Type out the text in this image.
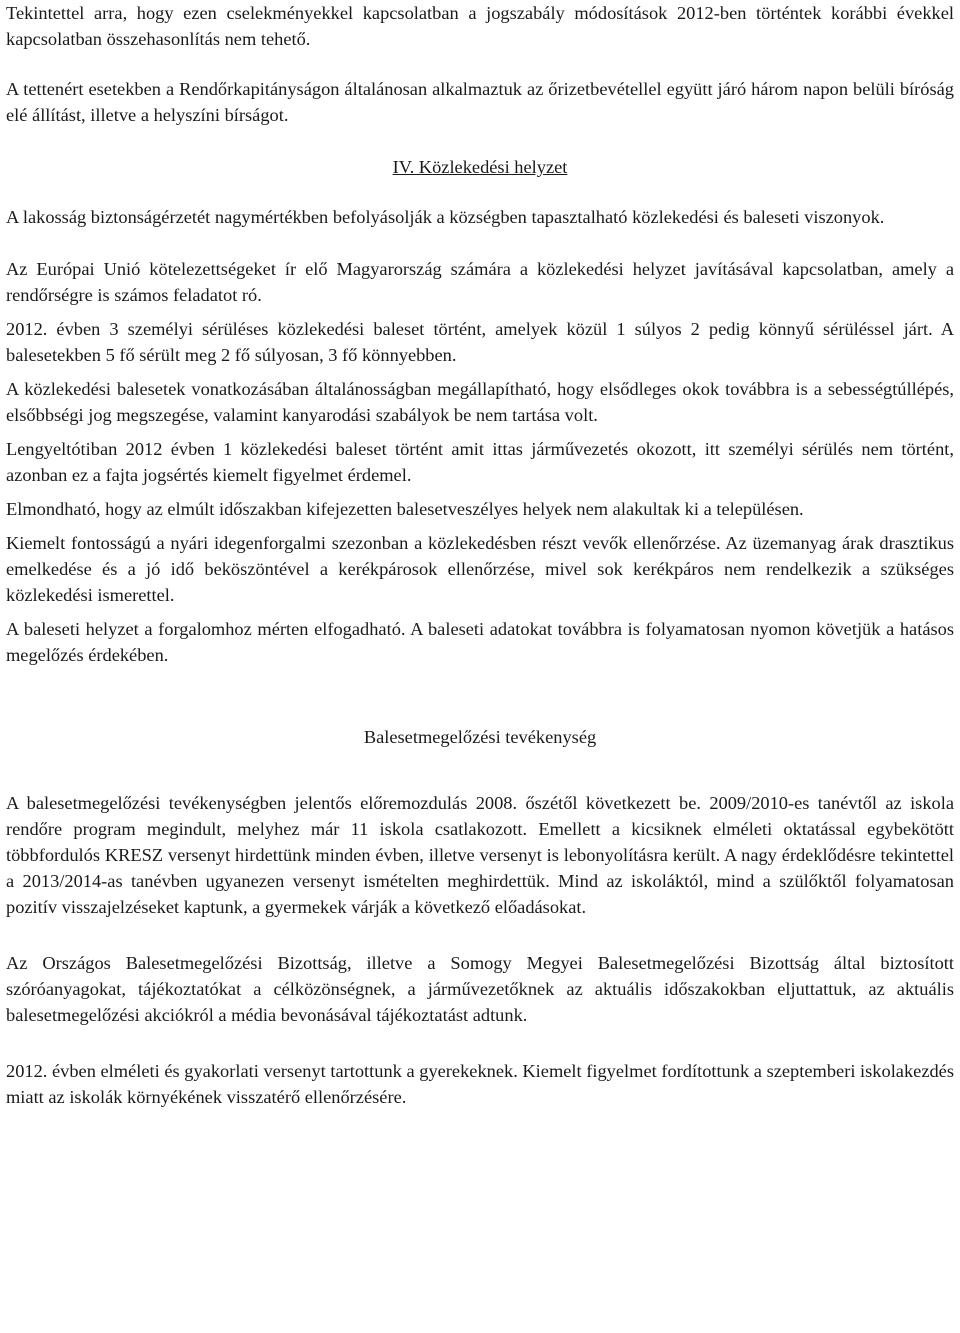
Tekintettel arra, hogy ezen cselekményekkel kapcsolatban a jogszabály módosítások 2012-ben történtek korábbi évekkel kapcsolatban összehasonlítás nem tehető.

A tettenért esetekben a Rendőrkapitányságon általánosan alkalmaztuk az őrizetbevétellel együtt járó három napon belüli bíróság elé állítást, illetve a helyszíni bírságot.

IV. Közlekedési helyzet

A lakosság biztonságérzetét nagymértékben befolyásolják a községben tapasztalható közlekedési és baleseti viszonyok.

Az Európai Unió kötelezettségeket ír elő Magyarország számára a közlekedési helyzet javításával kapcsolatban, amely a rendőrségre is számos feladatot ró.

2012. évben 3 személyi sérüléses közlekedési baleset történt, amelyek közül 1 súlyos 2 pedig könnyű sérüléssel járt. A balesetekben 5 fő sérült meg 2 fő súlyosan, 3 fő könnyebben.

A közlekedési balesetek vonatkozásában általánosságban megállapítható, hogy elsődleges okok továbbra is a sebességtúllépés, elsőbbségi jog megszegése, valamint kanyarodási szabályok be nem tartása volt.

Lengyeltótiban 2012 évben 1 közlekedési baleset történt amit ittas járművezetés okozott, itt személyi sérülés nem történt, azonban ez a fajta jogsértés kiemelt figyelmet érdemel.

Elmondható, hogy az elmúlt időszakban kifejezetten balesetveszélyes helyek nem alakultak ki a településen.

Kiemelt fontosságú a nyári idegenforgalmi szezonban a közlekedésben részt vevők ellenőrzése. Az üzemanyag árak drasztikus emelkedése és a jó idő beköszöntével a kerékpárosok ellenőrzése, mivel sok kerékpáros nem rendelkezik a szükséges közlekedési ismerettel.

A baleseti helyzet a forgalomhoz mérten elfogadható. A baleseti adatokat továbbra is folyamatosan nyomon követjük a hatásos megelőzés érdekében.

Balesetmegelőzési tevékenység

A balesetmegelőzési tevékenységben jelentős előremozdulás 2008. őszétől következett be. 2009/2010-es tanévtől az iskola rendőre program megindult, melyhez már 11 iskola csatlakozott. Emellett a kicsiknek elméleti oktatással egybekötött többfordulós KRESZ versenyt hirdettünk minden évben, illetve versenyt is lebonyolításra került. A nagy érdeklődésre tekintettel a 2013/2014-as tanévben ugyanezen versenyt ismételten meghirdettük. Mind az iskoláktól, mind a szülőktől folyamatosan pozitív visszajelzéseket kaptunk, a gyermekek várják a következő előadásokat.

Az Országos Balesetmegelőzési Bizottság, illetve a Somogy Megyei Balesetmegelőzési Bizottság által biztosított szóróanyagokat, tájékoztatókat a célközönségnek, a járművezetőknek az aktuális időszakokban eljuttattuk, az aktuális balesetmegelőzési akciókról a média bevonásával tájékoztatást adtunk.

2012. évben elméleti és gyakorlati versenyt tartottunk a gyerekeknek. Kiemelt figyelmet fordítottunk a szeptemberi iskolakezdés miatt az iskolák környékének visszatérő ellenőrzésére.
